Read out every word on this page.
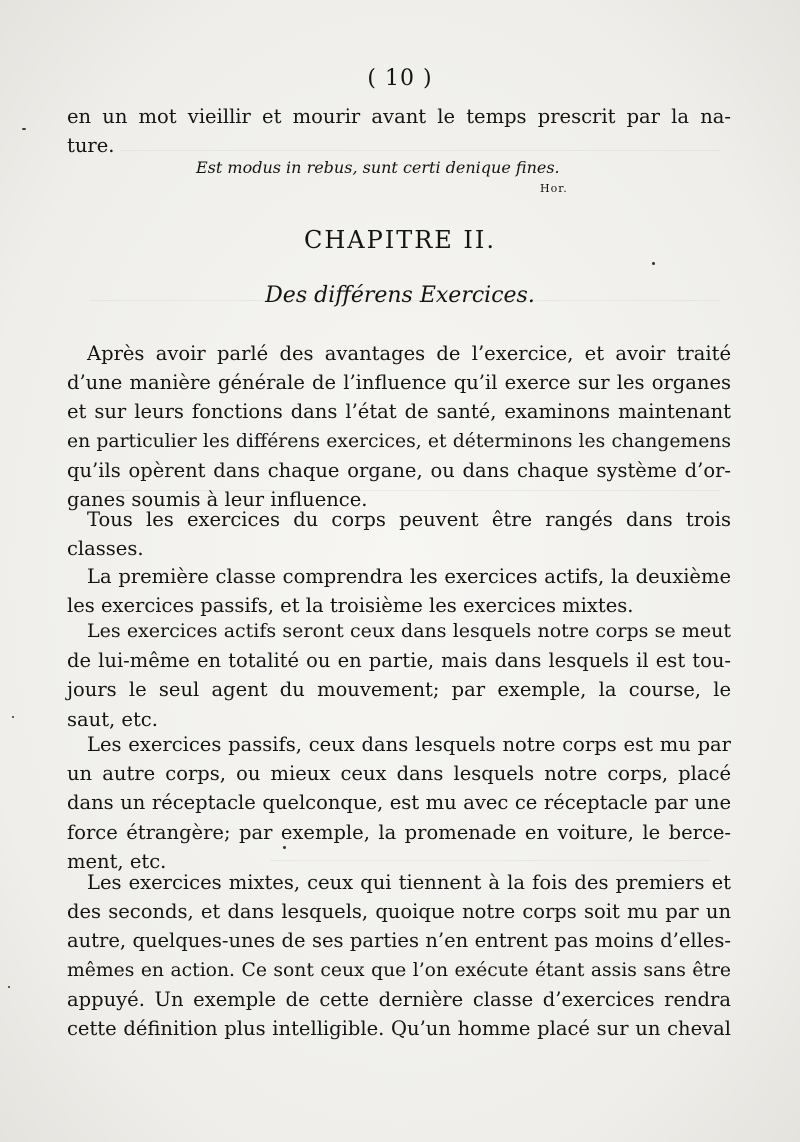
( 10 )
en un mot vieillir et mourir avant le temps prescrit par la na-
ture.
Est modus in rebus, sunt certi denique fines.
Hor.
CHAPITRE II.
Des différens Exercices.
Après avoir parlé des avantages de l’exercice, et avoir traité
d’une manière générale de l’influence qu’il exerce sur les organes
et sur leurs fonctions dans l’état de santé, examinons maintenant
en particulier les différens exercices, et déterminons les changemens
qu’ils opèrent dans chaque organe, ou dans chaque système d’or-
ganes soumis à leur influence.
Tous les exercices du corps peuvent être rangés dans trois
classes.
La première classe comprendra les exercices actifs, la deuxième
les exercices passifs, et la troisième les exercices mixtes.
Les exercices actifs seront ceux dans lesquels notre corps se meut
de lui-même en totalité ou en partie, mais dans lesquels il est tou-
jours le seul agent du mouvement; par exemple, la course, le
saut, etc.
Les exercices passifs, ceux dans lesquels notre corps est mu par
un autre corps, ou mieux ceux dans lesquels notre corps, placé
dans un réceptacle quelconque, est mu avec ce réceptacle par une
force étrangère; par exemple, la promenade en voiture, le berce-
ment, etc.
Les exercices mixtes, ceux qui tiennent à la fois des premiers et
des seconds, et dans lesquels, quoique notre corps soit mu par un
autre, quelques-unes de ses parties n’en entrent pas moins d’elles-
mêmes en action. Ce sont ceux que l’on exécute étant assis sans être
appuyé. Un exemple de cette dernière classe d’exercices rendra
cette définition plus intelligible. Qu’un homme placé sur un cheval
